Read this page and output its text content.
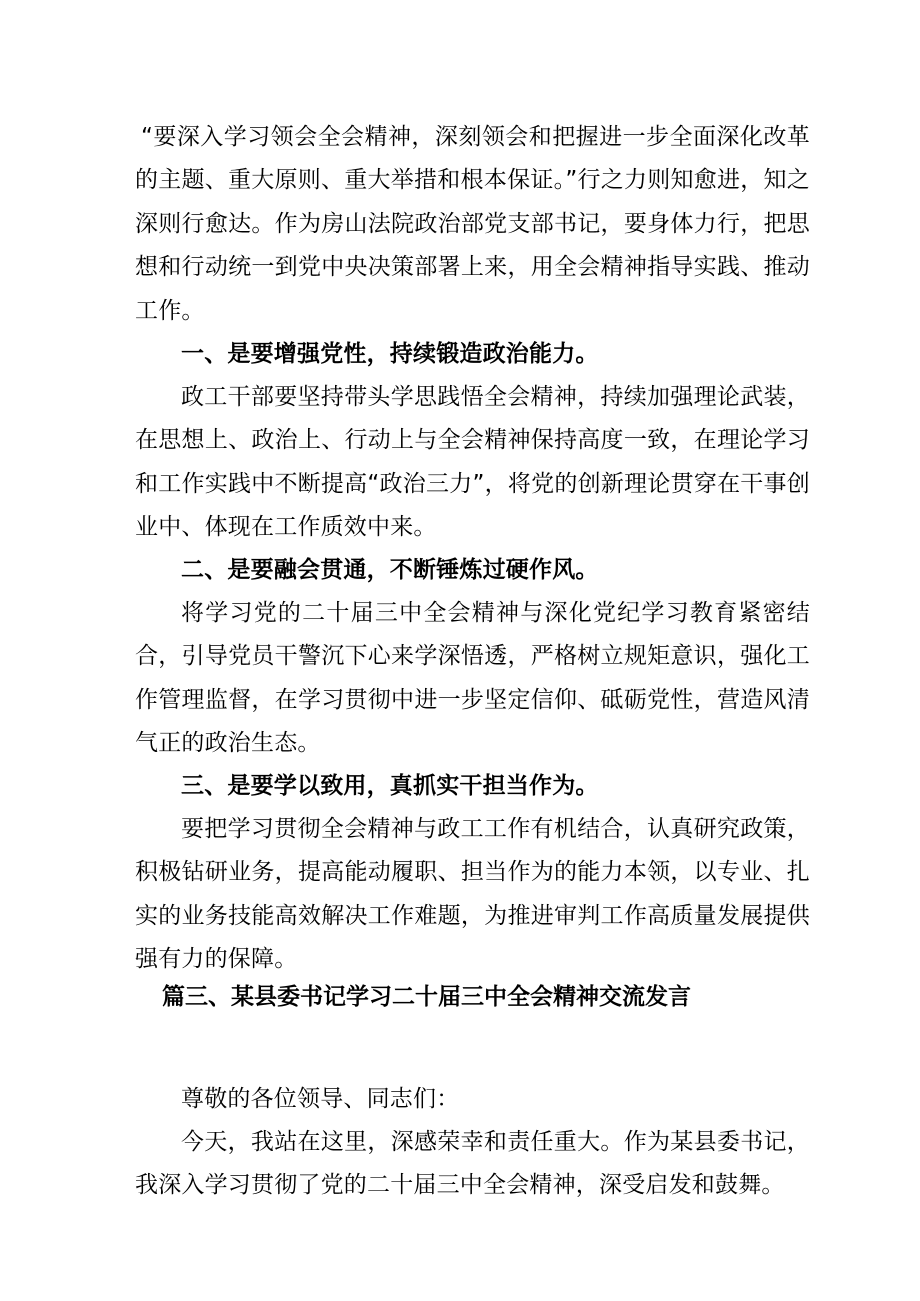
“要深入学习领会全会精神，深刻领会和把握进一步全面深化改革的主题、重大原则、重大举措和根本保证。”行之力则知愈进，知之深则行愈达。作为房山法院政治部党支部书记，要身体力行，把思想和行动统一到党中央决策部署上来，用全会精神指导实践、推动工作。

一、是要增强党性，持续锻造政治能力。

政工干部要坚持带头学思践悟全会精神，持续加强理论武装，在思想上、政治上、行动上与全会精神保持高度一致，在理论学习和工作实践中不断提高“政治三力”，将党的创新理论贯穿在干事创业中、体现在工作质效中来。

二、是要融会贯通，不断锤炼过硬作风。

将学习党的二十届三中全会精神与深化党纪学习教育紧密结合，引导党员干警沉下心来学深悟透，严格树立规矩意识，强化工作管理监督，在学习贯彻中进一步坚定信仰、砥砺党性，营造风清气正的政治生态。

三、是要学以致用，真抓实干担当作为。

要把学习贯彻全会精神与政工工作有机结合，认真研究政策，积极钻研业务，提高能动履职、担当作为的能力本领，以专业、扎实的业务技能高效解决工作难题，为推进审判工作高质量发展提供强有力的保障。

篇三、某县委书记学习二十届三中全会精神交流发言

尊敬的各位领导、同志们：

今天，我站在这里，深感荣幸和责任重大。作为某县委书记，我深入学习贯彻了党的二十届三中全会精神，深受启发和鼓舞。
